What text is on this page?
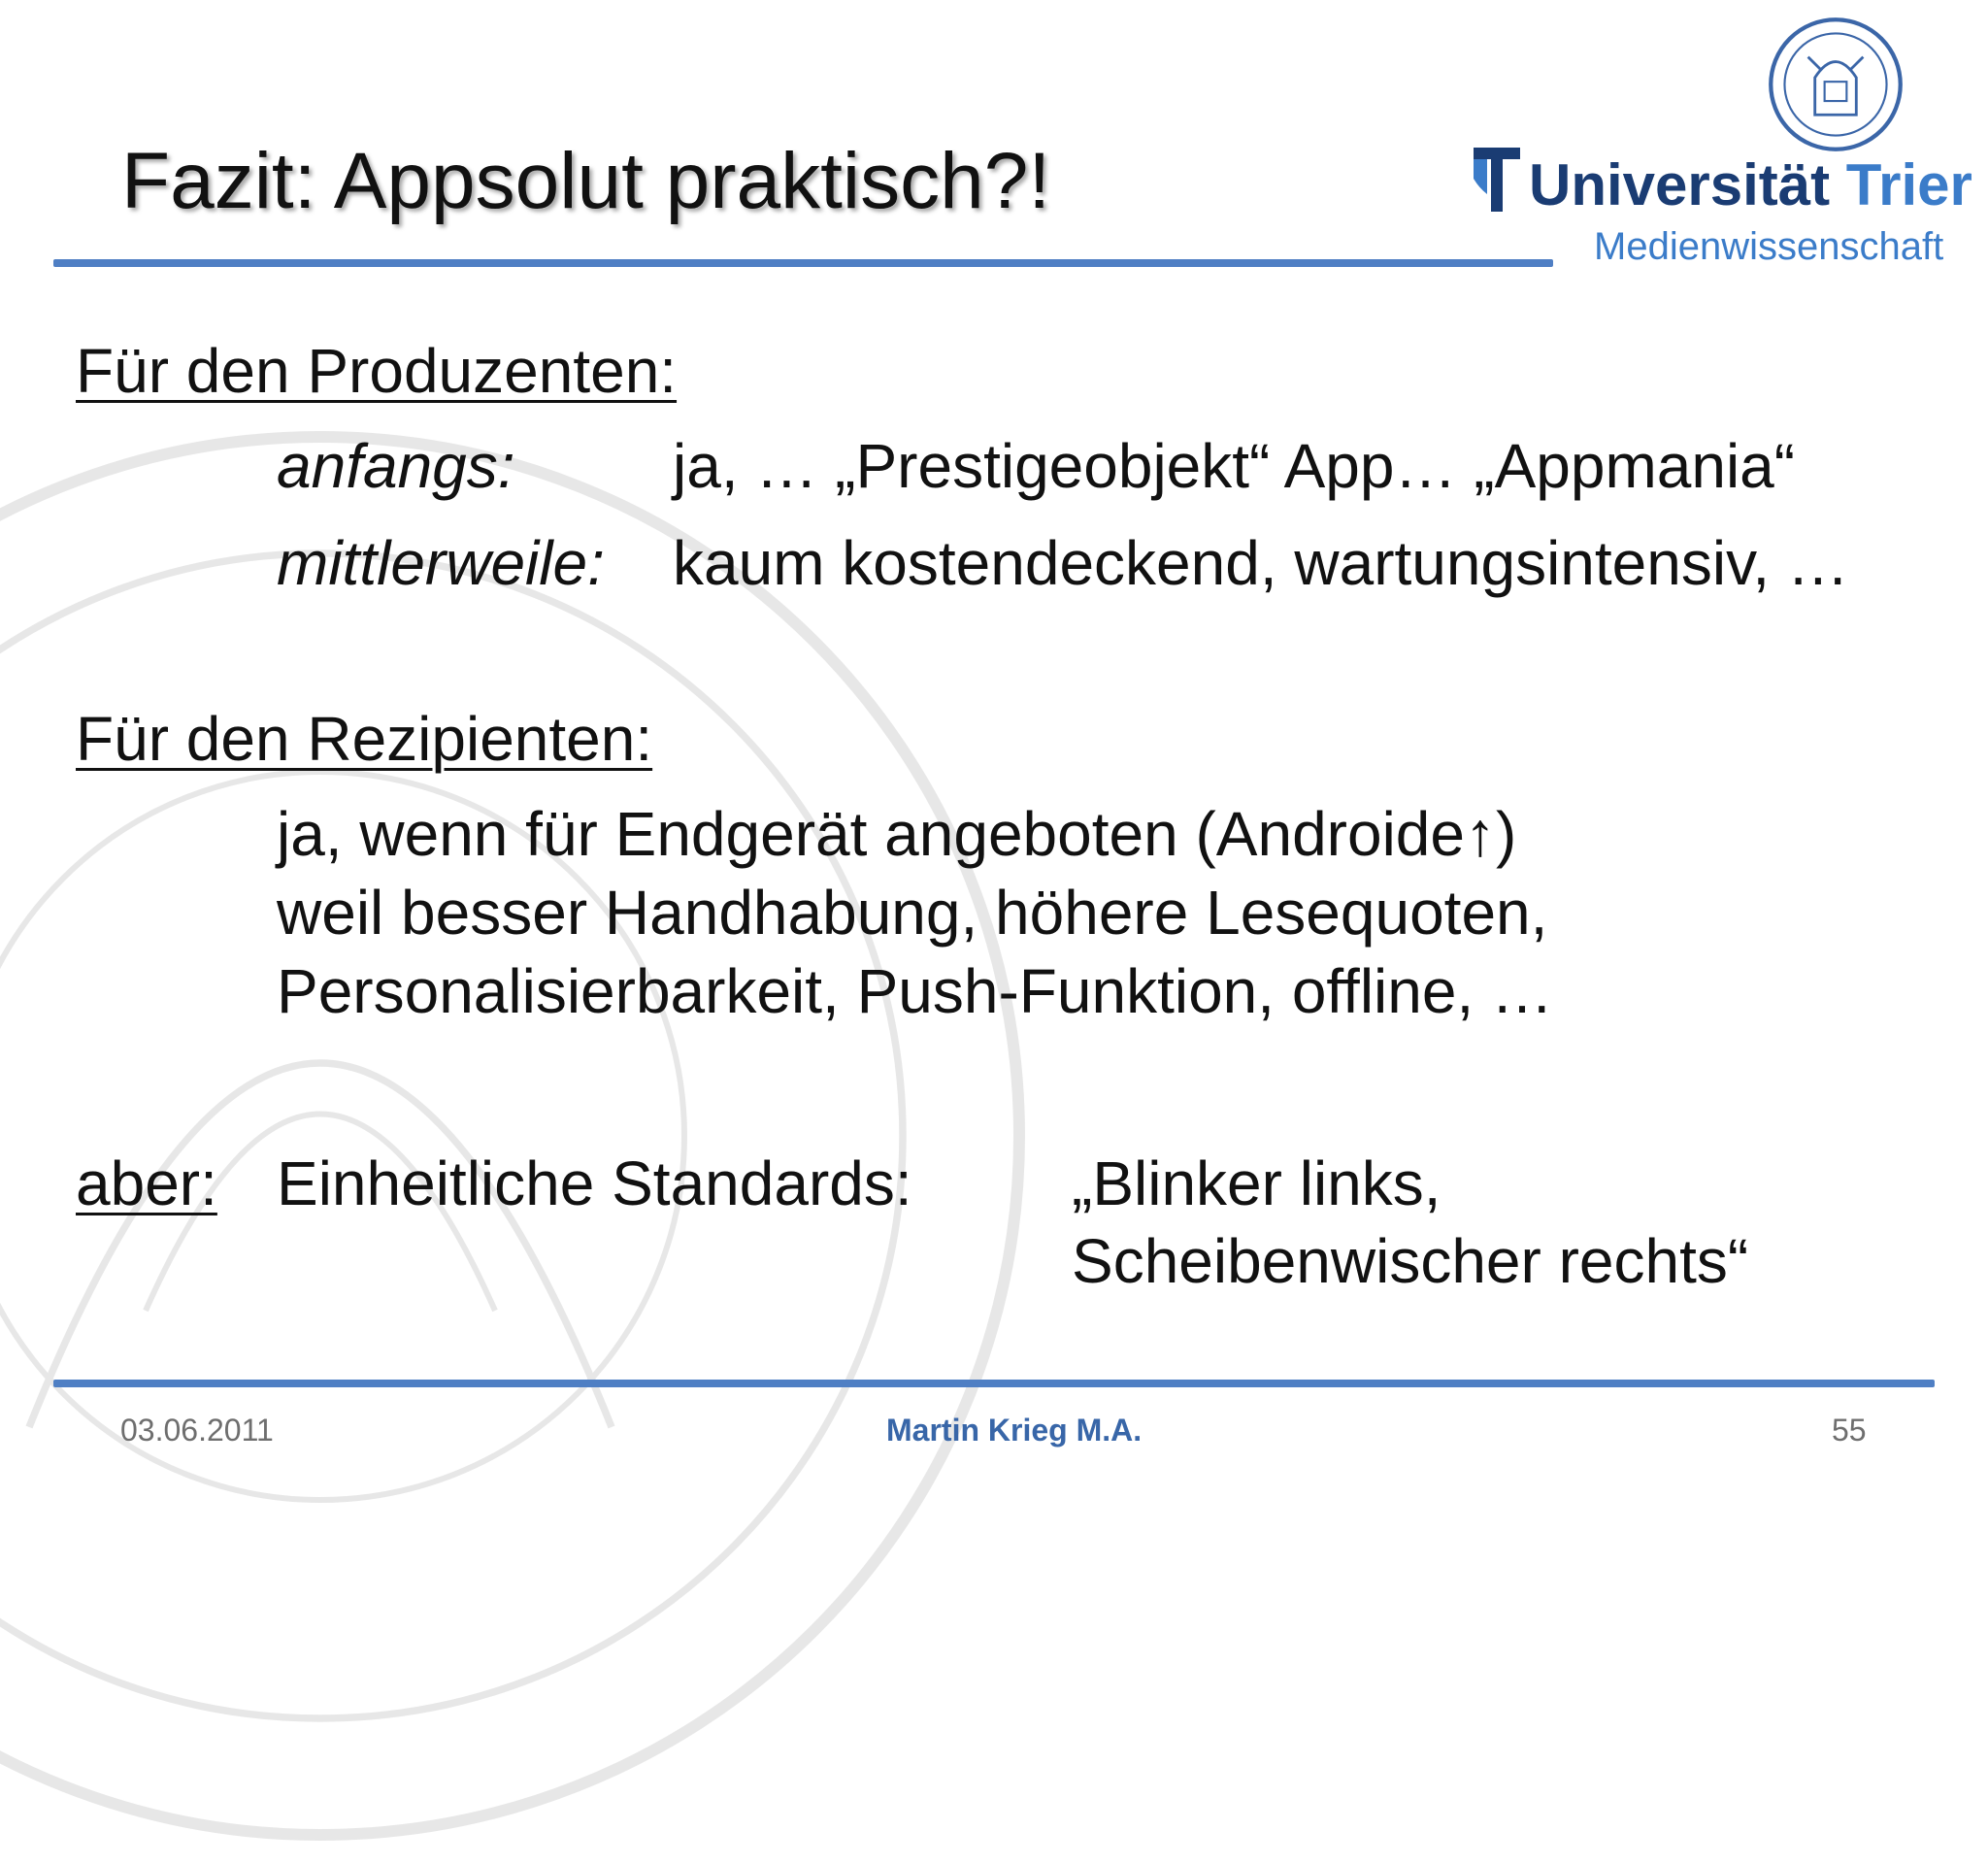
Fazit: Appsolut praktisch?!	Universität Trier
Medienwissenschaft
Für den Produzenten:
anfangs:	ja, … „Prestigeobjekt“ App… „Appmania“
mittlerweile: kaum kostendeckend, wartungsintensiv, …
Für den Rezipienten:
ja, wenn für Endgerät angeboten (Androide↑)
weil besser Handhabung, höhere Lesequoten,
Personalisierbarkeit, Push-Funktion, offline, …
aber: Einheitliche Standards:	„Blinker links,
Scheibenwischer rechts“
03.06.2011	Martin Krieg M.A.	55
